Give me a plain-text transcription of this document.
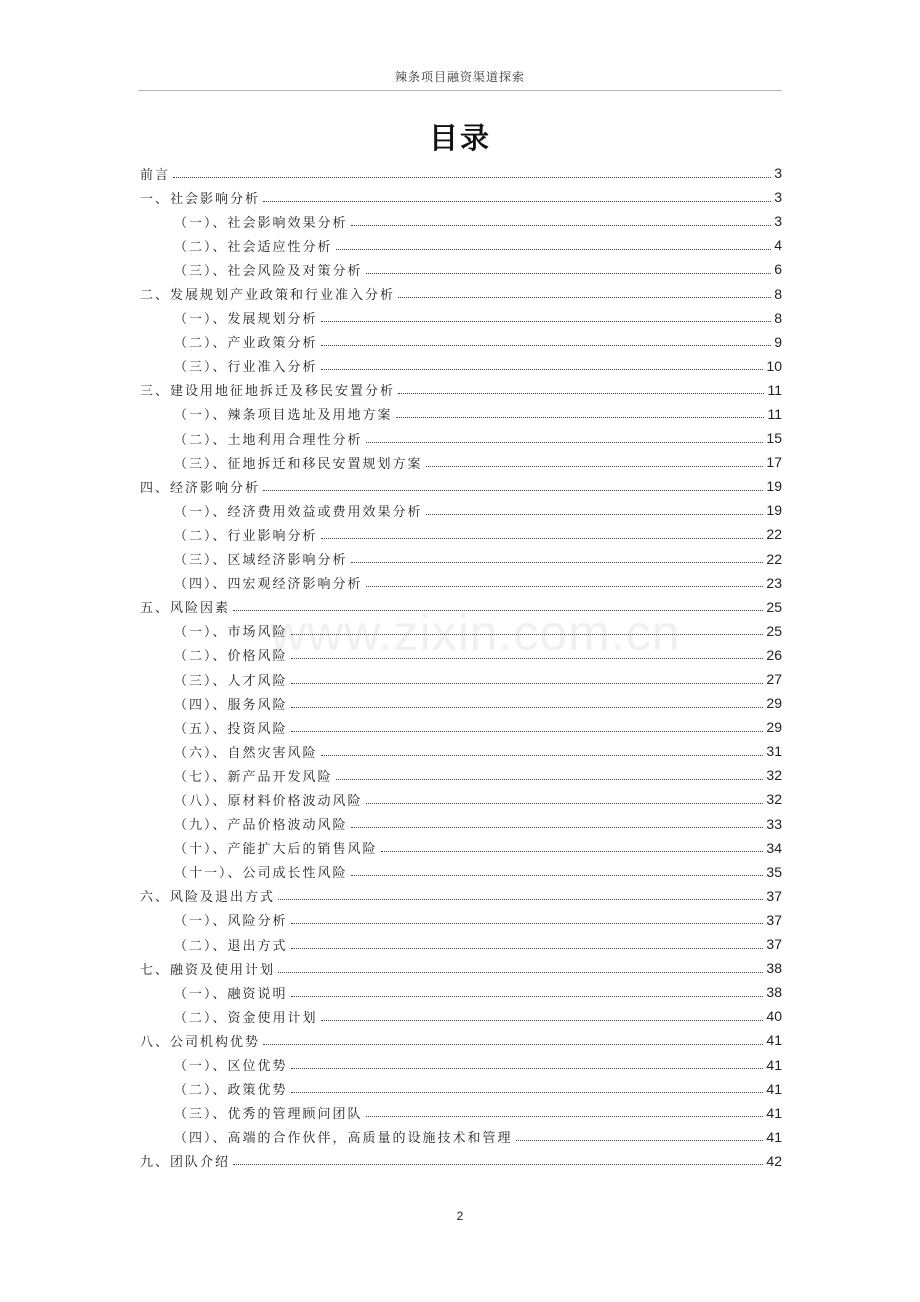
辣条项目融资渠道探索
目录
www.zixin.com.cn
前言	3
一、社会影响分析	3
（一）、社会影响效果分析	3
（二）、社会适应性分析	4
（三）、社会风险及对策分析	6
二、发展规划产业政策和行业准入分析	8
（一）、发展规划分析	8
（二）、产业政策分析	9
（三）、行业准入分析	10
三、建设用地征地拆迁及移民安置分析	11
（一）、辣条项目选址及用地方案	11
（二）、土地利用合理性分析	15
（三）、征地拆迁和移民安置规划方案	17
四、经济影响分析	19
（一）、经济费用效益或费用效果分析	19
（二）、行业影响分析	22
（三）、区域经济影响分析	22
（四）、四宏观经济影响分析	23
五、风险因素	25
（一）、市场风险	25
（二）、价格风险	26
（三）、人才风险	27
（四）、服务风险	29
（五）、投资风险	29
（六）、自然灾害风险	31
（七）、新产品开发风险	32
（八）、原材料价格波动风险	32
（九）、产品价格波动风险	33
（十）、产能扩大后的销售风险	34
（十一）、公司成长性风险	35
六、风险及退出方式	37
（一）、风险分析	37
（二）、退出方式	37
七、融资及使用计划	38
（一）、融资说明	38
（二）、资金使用计划	40
八、公司机构优势	41
（一）、区位优势	41
（二）、政策优势	41
（三）、优秀的管理顾问团队	41
（四）、高端的合作伙伴，高质量的设施技术和管理	41
九、团队介绍	42
2
